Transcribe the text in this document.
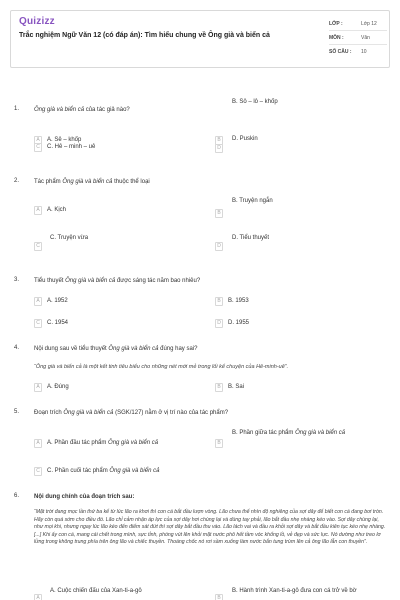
Quizizz
Trắc nghiệm Ngữ Văn 12 (có đáp án): Tìm hiểu chung về Ông già và biển cả
LỚP :	Lớp 12
MÔN :	Văn
SỐ CÂU :	10
1. Ông già và biển cả của tác giả nào?
A	A. Sê – khốp
B. Sô – lô – khốp
B
C	C. Hê – minh – uê
D. Puskin
D
2. Tác phẩm Ông già và biển cả thuộc thể loại
A	A. Kịch
B. Truyện ngắn
B
C. Truyện vừa
C
D. Tiểu thuyết
D
3. Tiểu thuyết Ông già và biển cả được sáng tác năm bao nhiêu?
A	A. 1952	B	B. 1953
C	C. 1954	D	D. 1955
4. Nội dung sau về tiểu thuyết Ông già và biển cả đúng hay sai?
“Ông già và biển cả là một kết tinh tiêu biểu cho những nét mới mẻ trong lối kể chuyện của Hê-minh-uê”.
A	A. Đúng	B	B. Sai
5. Đoạn trích Ông già và biển cả (SGK/127) nằm ở vị trí nào của tác phẩm?
A	A. Phần đầu tác phẩm Ông già và biển cả
B. Phần giữa tác phẩm Ông già và biển cả
B
C	C. Phần cuối tác phẩm Ông già và biển cả
6. Nội dung chính của đoạn trích sau:
“Mặt trời đang mọc lần thứ ba kể từ lúc lão ra khơi thì con cá bắt đầu lượn vòng. Lão chưa thể nhìn độ nghiêng của sợi dây để biết con cá đang bơi tròn. Hãy còn quá sớm cho điều đó. Lão chỉ cảm nhận áp lực của sợi dây hơi chùng lại và dùng tay phải, lão bắt đầu nhẹ nhàng kéo vào. Sợi dây chùng lại, như mọi khi, nhưng ngay lúc lão kéo đến điểm sát đứt thì sợi dây bắt đầu thu vào. Lão lách vai và đầu ra khỏi sợi dây và bắt đầu kiên tục kéo nhẹ nhàng. [...] Khi ấy con cá, mang cái chết trong mình, sực tỉnh, phóng vút lên khỏi mặt nước phô hết tầm vóc khổng lồ, vẻ đẹp và sức lực. Nó dường như treo lơ lửng trong không trung phía trên ông lão và chiếc thuyền. Thoáng chốc nó rơi sầm xuống làm nước bắn tung trùm lên cả ông lão lẫn con thuyền”.
A. Cuộc chiến đấu của Xan-ti-a-gô
A
B. Hành trình Xan-ti-a-gô đưa con cá trở về bờ
B
